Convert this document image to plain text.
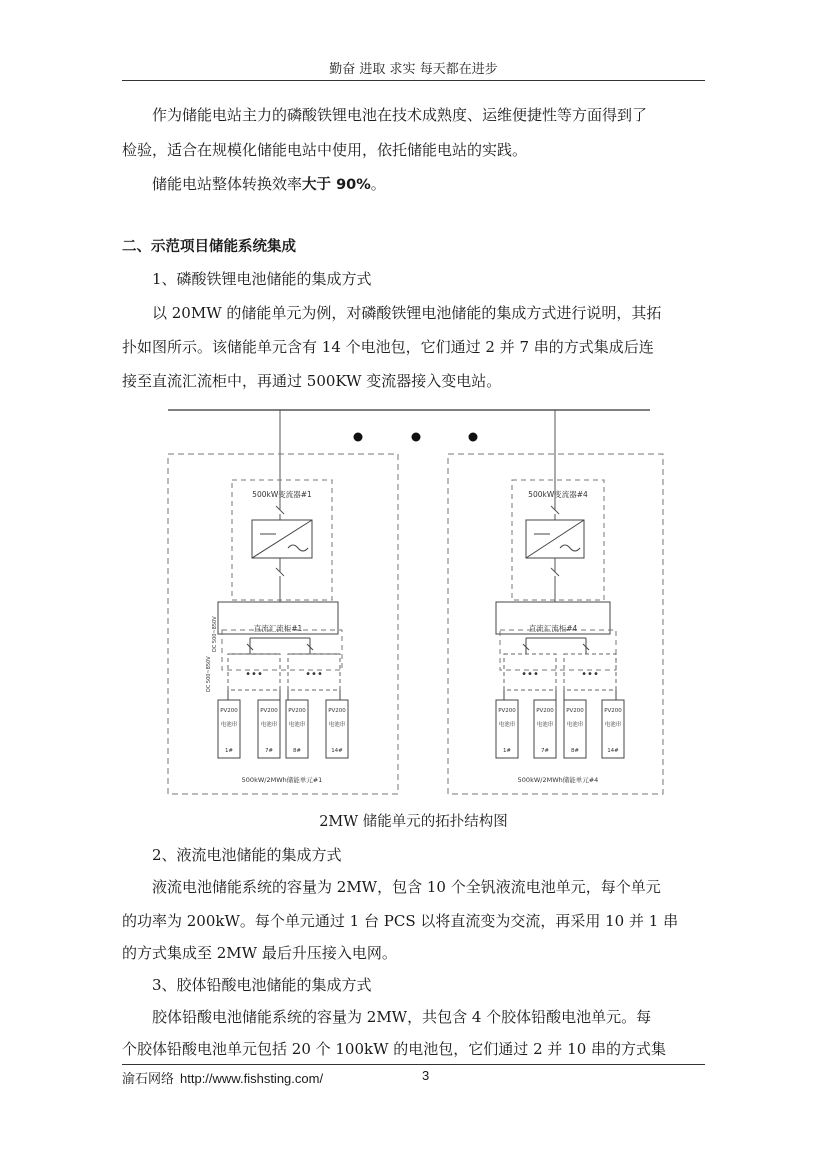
勤奋 进取 求实 每天都在进步
作为储能电站主力的磷酸铁锂电池在技术成熟度、运维便捷性等方面得到了
检验，适合在规模化储能电站中使用，依托储能电站的实践。
储能电站整体转换效率大于 90%。
二、示范项目储能系统集成
1、磷酸铁锂电池储能的集成方式
以 20MW 的储能单元为例，对磷酸铁锂电池储能的集成方式进行说明，其拓
扑如图所示。该储能单元含有 14 个电池包，它们通过 2 并 7 串的方式集成后连
接至直流汇流柜中，再通过 500KW 变流器接入变电站。
500kW变流器#1
直流汇流柜#1
DC 500~850V
•••	•••
DC 500~850V
PV200
电池串
1#
PV200
电池串
7#
PV200
电池串
8#
PV200
电池串
14#
500kW/2MWh储能单元#1
500kW变流器#4
直流汇流柜#4
•••	•••
PV200
电池串
1#
PV200
电池串
7#
PV200
电池串
8#
PV200
电池串
14#
500kW/2MWh储能单元#4
2MW 储能单元的拓扑结构图
2、液流电池储能的集成方式
液流电池储能系统的容量为 2MW，包含 10 个全钒液流电池单元，每个单元
的功率为 200kW。每个单元通过 1 台 PCS 以将直流变为交流，再采用 10 并 1 串
的方式集成至 2MW 最后升压接入电网。
3、胶体铅酸电池储能的集成方式
胶体铅酸电池储能系统的容量为 2MW，共包含 4 个胶体铅酸电池单元。每
个胶体铅酸电池单元包括 20 个 100kW 的电池包，它们通过 2 并 10 串的方式集
渝石网络 http://www.fishsting.com/	3
